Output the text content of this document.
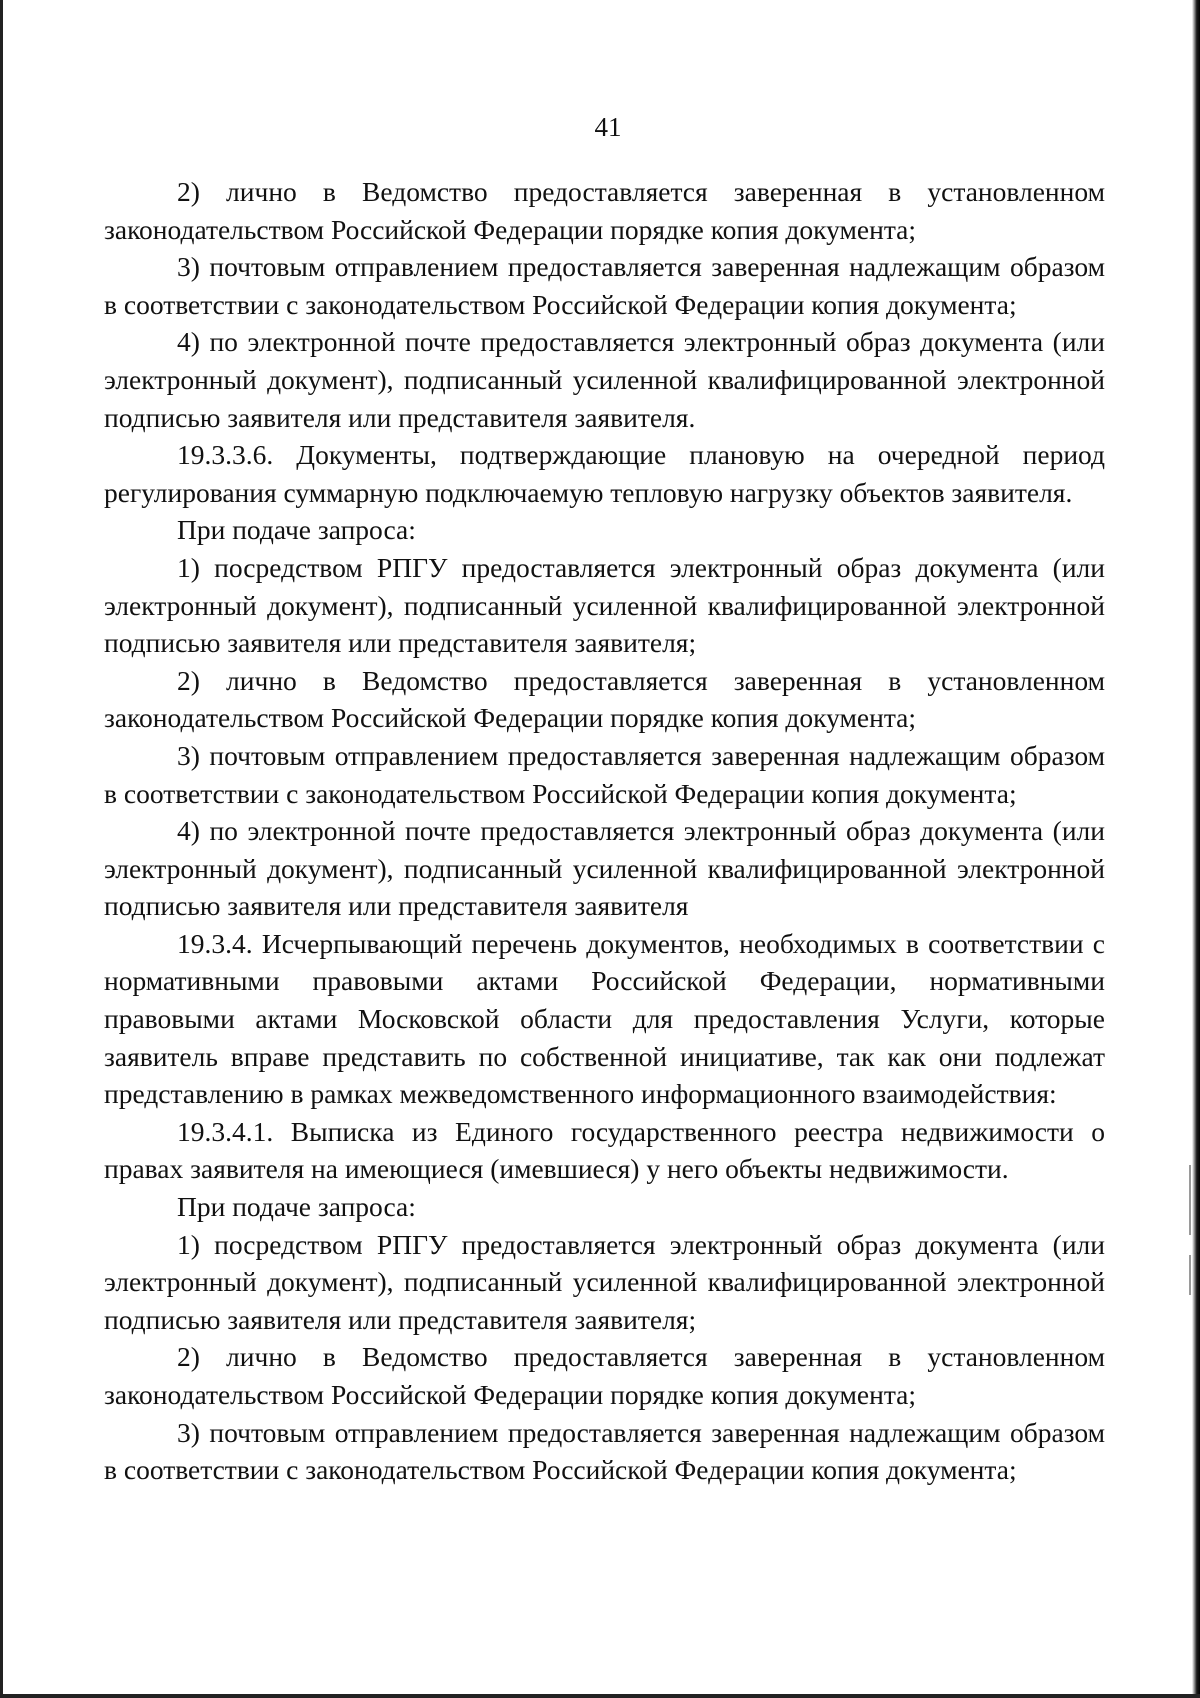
41

2) лично в Ведомство предоставляется заверенная в установленном законодательством Российской Федерации порядке копия документа;

3) почтовым отправлением предоставляется заверенная надлежащим образом в соответствии с законодательством Российской Федерации копия документа;

4) по электронной почте предоставляется электронный образ документа (или электронный документ), подписанный усиленной квалифицированной электронной подписью заявителя или представителя заявителя.

19.3.3.6. Документы, подтверждающие плановую на очередной период регулирования суммарную подключаемую тепловую нагрузку объектов заявителя.

При подаче запроса:

1) посредством РПГУ предоставляется электронный образ документа (или электронный документ), подписанный усиленной квалифицированной электронной подписью заявителя или представителя заявителя;

2) лично в Ведомство предоставляется заверенная в установленном законодательством Российской Федерации порядке копия документа;

3) почтовым отправлением предоставляется заверенная надлежащим образом в соответствии с законодательством Российской Федерации копия документа;

4) по электронной почте предоставляется электронный образ документа (или электронный документ), подписанный усиленной квалифицированной электронной подписью заявителя или представителя заявителя

19.3.4. Исчерпывающий перечень документов, необходимых в соответствии с нормативными правовыми актами Российской Федерации, нормативными правовыми актами Московской области для предоставления Услуги, которые заявитель вправе представить по собственной инициативе, так как они подлежат представлению в рамках межведомственного информационного взаимодействия:

19.3.4.1. Выписка из Единого государственного реестра недвижимости о правах заявителя на имеющиеся (имевшиеся) у него объекты недвижимости.

При подаче запроса:

1) посредством РПГУ предоставляется электронный образ документа (или электронный документ), подписанный усиленной квалифицированной электронной подписью заявителя или представителя заявителя;

2) лично в Ведомство предоставляется заверенная в установленном законодательством Российской Федерации порядке копия документа;

3) почтовым отправлением предоставляется заверенная надлежащим образом в соответствии с законодательством Российской Федерации копия документа;
